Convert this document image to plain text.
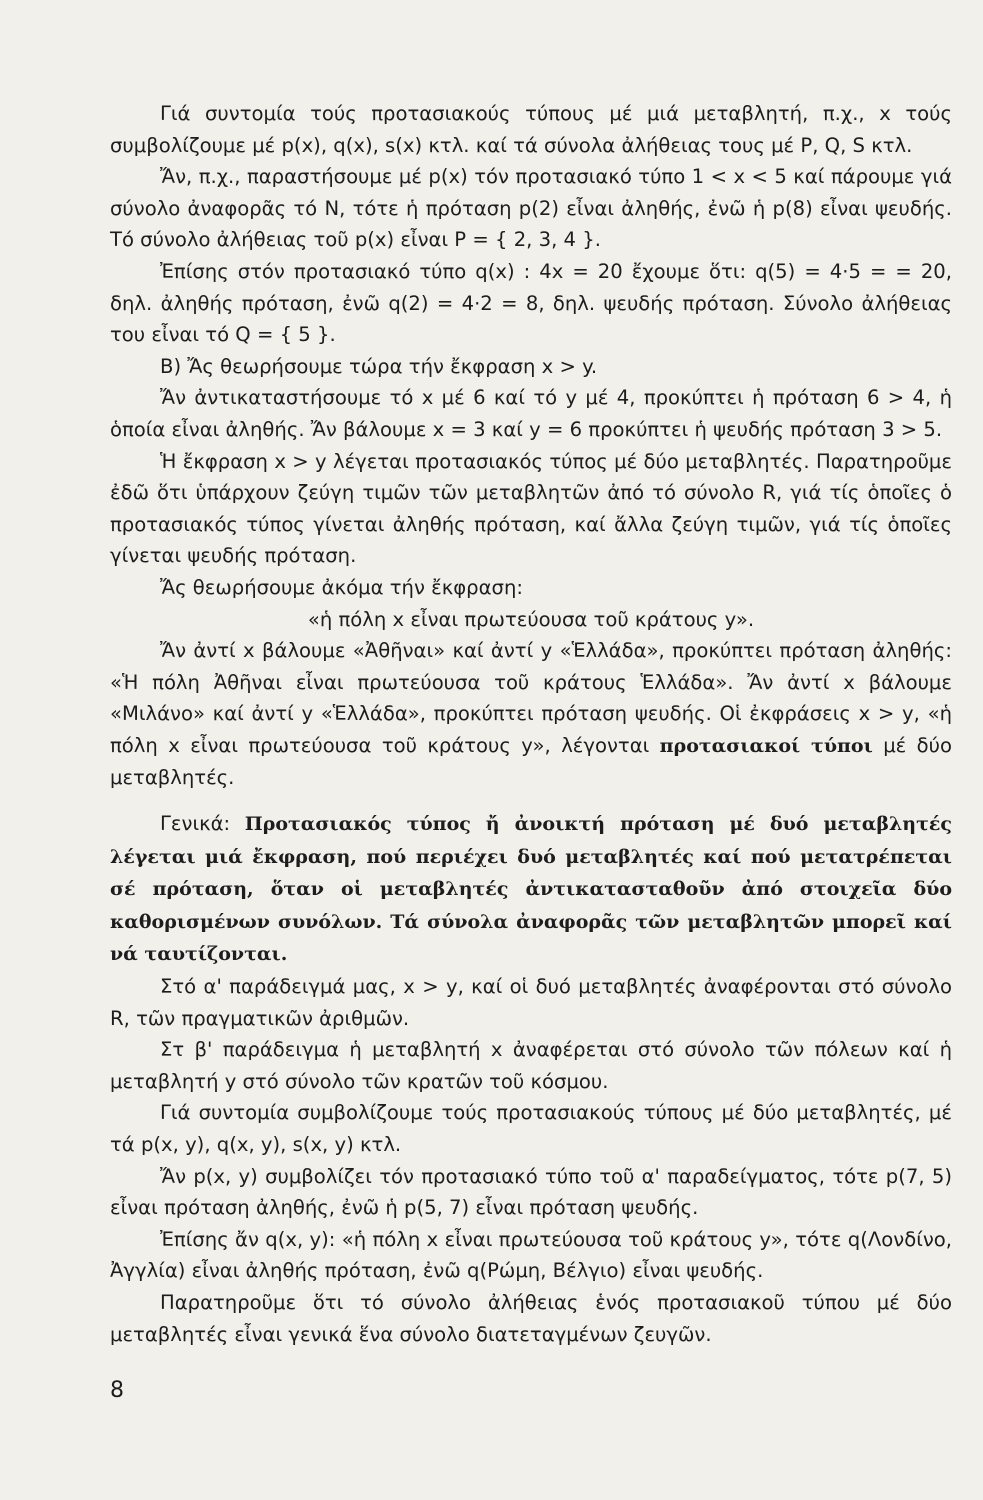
Γιά συντομία τούς προτασιακούς τύπους μέ μιά μεταβλητή, π.χ., x τούς συμβολίζουμε μέ p(x), q(x), s(x) κτλ. καί τά σύνολα ἀλήθειας τους μέ P, Q, S κτλ.

Ἄν, π.χ., παραστήσουμε μέ p(x) τόν προτασιακό τύπο 1 < x < 5 καί πάρουμε γιά σύνολο ἀναφορᾶς τό N, τότε ἡ πρόταση p(2) εἶναι ἀληθής, ἐνῶ ἡ p(8) εἶναι ψευδής. Τό σύνολο ἀλήθειας τοῦ p(x) εἶναι P = { 2, 3, 4 }.

Ἐπίσης στόν προτασιακό τύπο q(x) : 4x = 20 ἔχουμε ὅτι: q(5) = 4·5 = = 20, δηλ. ἀληθής πρόταση, ἐνῶ q(2) = 4·2 = 8, δηλ. ψευδής πρόταση. Σύνολο ἀλήθειας του εἶναι τό Q = { 5 }.

B) Ἄς θεωρήσουμε τώρα τήν ἔκφραση x > y.

Ἄν ἀντικαταστήσουμε τό x μέ 6 καί τό y μέ 4, προκύπτει ἡ πρόταση 6 > 4, ἡ ὁποία εἶναι ἀληθής. Ἄν βάλουμε x = 3 καί y = 6 προκύπτει ἡ ψευδής πρόταση 3 > 5.

Ἡ ἔκφραση x > y λέγεται προτασιακός τύπος μέ δύο μεταβλητές. Παρατηροῦμε ἐδῶ ὅτι ὑπάρχουν ζεύγη τιμῶν τῶν μεταβλητῶν ἀπό τό σύνολο R, γιά τίς ὁποῖες ὁ προτασιακός τύπος γίνεται ἀληθής πρόταση, καί ἄλλα ζεύγη τιμῶν, γιά τίς ὁποῖες γίνεται ψευδής πρόταση.

Ἄς θεωρήσουμε ἀκόμα τήν ἔκφραση:

«ἡ πόλη x εἶναι πρωτεύουσα τοῦ κράτους y».

Ἄν ἀντί x βάλουμε «Ἀθῆναι» καί ἀντί y «Ἑλλάδα», προκύπτει πρόταση ἀληθής: «Ἡ πόλη Ἀθῆναι εἶναι πρωτεύουσα τοῦ κράτους Ἑλλάδα». Ἄν ἀντί x βάλουμε «Μιλάνο» καί ἀντί y «Ἑλλάδα», προκύπτει πρόταση ψευδής. Οἱ ἐκφράσεις x > y, «ἡ πόλη x εἶναι πρωτεύουσα τοῦ κράτους y», λέγονται προτασιακοί τύποι μέ δύο μεταβλητές.

Γενικά: Προτασιακός τύπος ἤ ἀνοικτή πρόταση μέ δυό μεταβλητές λέγεται μιά ἔκφραση, πού περιέχει δυό μεταβλητές καί πού μετατρέπεται σέ πρόταση, ὅταν οἱ μεταβλητές ἀντικατασταθοῦν ἀπό στοιχεῖα δύο καθορισμένων συνόλων. Τά σύνολα ἀναφορᾶς τῶν μεταβλητῶν μπορεῖ καί νά ταυτίζονται.

Στό α' παράδειγμά μας, x > y, καί οἱ δυό μεταβλητές ἀναφέρονται στό σύνολο R, τῶν πραγματικῶν ἀριθμῶν.

Στ β' παράδειγμα ἡ μεταβλητή x ἀναφέρεται στό σύνολο τῶν πόλεων καί ἡ μεταβλητή y στό σύνολο τῶν κρατῶν τοῦ κόσμου.

Γιά συντομία συμβολίζουμε τούς προτασιακούς τύπους μέ δύο μεταβλητές, μέ τά p(x, y), q(x, y), s(x, y) κτλ.

Ἄν p(x, y) συμβολίζει τόν προτασιακό τύπο τοῦ α' παραδείγματος, τότε p(7, 5) εἶναι πρόταση ἀληθής, ἐνῶ ἡ p(5, 7) εἶναι πρόταση ψευδής.

Ἐπίσης ἄν q(x, y): «ἡ πόλη x εἶναι πρωτεύουσα τοῦ κράτους y», τότε q(Λονδίνο, Ἀγγλία) εἶναι ἀληθής πρόταση, ἐνῶ q(Ρώμη, Βέλγιο) εἶναι ψευδής.

Παρατηροῦμε ὅτι τό σύνολο ἀλήθειας ἑνός προτασιακοῦ τύπου μέ δύο μεταβλητές εἶναι γενικά ἕνα σύνολο διατεταγμένων ζευγῶν.

8
